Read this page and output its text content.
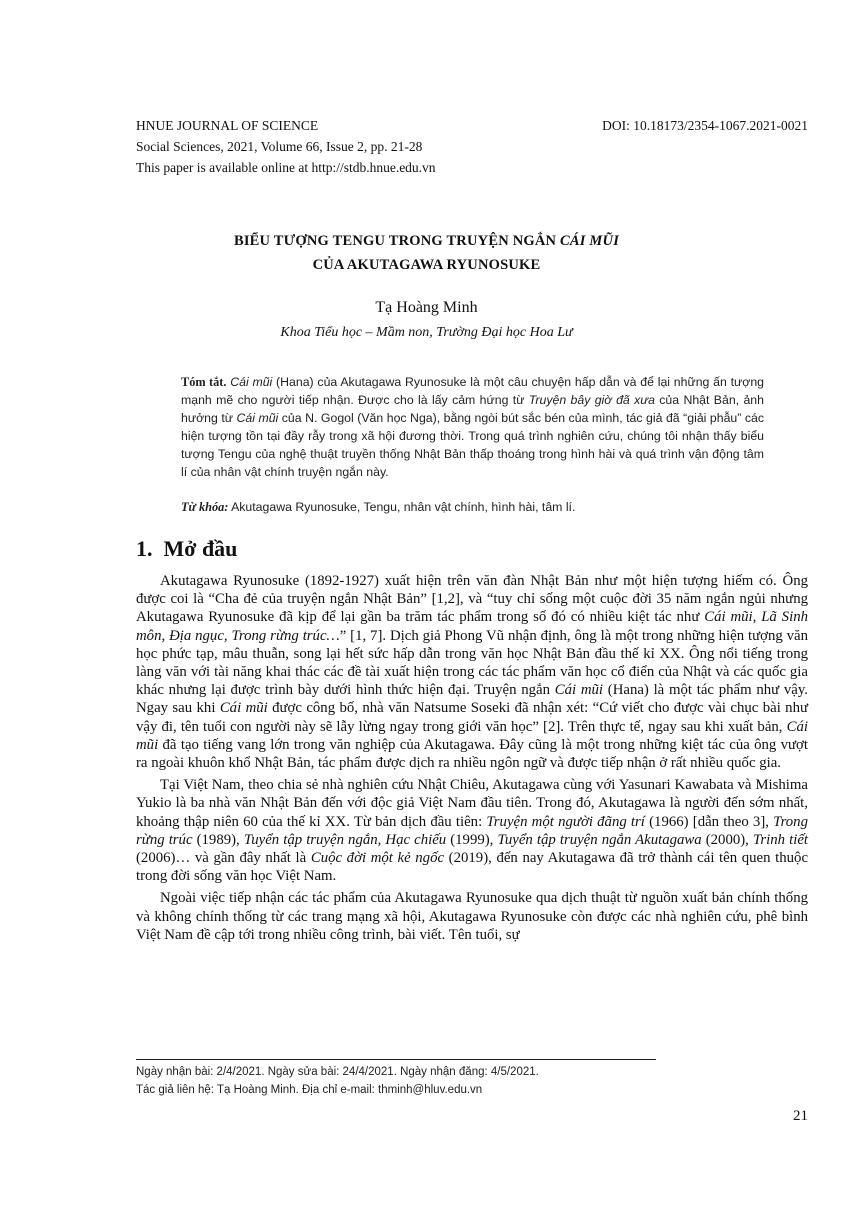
HNUE JOURNAL OF SCIENCE	DOI: 10.18173/2354-1067.2021-0021
Social Sciences, 2021, Volume 66, Issue 2, pp. 21-28
This paper is available online at http://stdb.hnue.edu.vn
BIỂU TƯỢNG TENGU TRONG TRUYỆN NGẮN CÁI MŨI
CỦA AKUTAGAWA RYUNOSUKE
Tạ Hoàng Minh
Khoa Tiểu học – Mầm non, Trường Đại học Hoa Lư
Tóm tắt. Cái mũi (Hana) của Akutagawa Ryunosuke là một câu chuyện hấp dẫn và để lại những ấn tượng mạnh mẽ cho người tiếp nhận. Được cho là lấy cảm hứng từ Truyện bây giờ đã xưa của Nhật Bản, ảnh hưởng từ Cái mũi của N. Gogol (Văn học Nga), bằng ngòi bút sắc bén của mình, tác giả đã “giải phẫu” các hiện tượng tồn tại đầy rẫy trong xã hội đương thời. Trong quá trình nghiên cứu, chúng tôi nhận thấy biểu tượng Tengu của nghệ thuật truyền thống Nhật Bản thấp thoáng trong hình hài và quá trình vận động tâm lí của nhân vật chính truyện ngắn này.
Từ khóa: Akutagawa Ryunosuke, Tengu, nhân vật chính, hình hài, tâm lí.
1. Mở đầu

Akutagawa Ryunosuke (1892-1927) xuất hiện trên văn đàn Nhật Bản như một hiện tượng hiếm có. Ông được coi là “Cha đẻ của truyện ngắn Nhật Bản” [1,2], và “tuy chỉ sống một cuộc đời 35 năm ngắn ngủi nhưng Akutagawa Ryunosuke đã kịp để lại gần ba trăm tác phẩm trong số đó có nhiều kiệt tác như Cái mũi, Lã Sinh môn, Địa ngục, Trong rừng trúc…” [1, 7]. Dịch giả Phong Vũ nhận định, ông là một trong những hiện tượng văn học phức tạp, mâu thuẫn, song lại hết sức hấp dẫn trong văn học Nhật Bản đầu thế kỉ XX. Ông nổi tiếng trong làng văn với tài năng khai thác các đề tài xuất hiện trong các tác phẩm văn học cổ điển của Nhật và các quốc gia khác nhưng lại được trình bày dưới hình thức hiện đại. Truyện ngắn Cái mũi (Hana) là một tác phẩm như vậy. Ngay sau khi Cái mũi được công bố, nhà văn Natsume Soseki đã nhận xét: “Cứ viết cho được vài chục bài như vậy đi, tên tuổi con người này sẽ lẫy lừng ngay trong giới văn học” [2]. Trên thực tế, ngay sau khi xuất bản, Cái mũi đã tạo tiếng vang lớn trong văn nghiệp của Akutagawa. Đây cũng là một trong những kiệt tác của ông vượt ra ngoài khuôn khổ Nhật Bản, tác phẩm được dịch ra nhiều ngôn ngữ và được tiếp nhận ở rất nhiều quốc gia.

Tại Việt Nam, theo chia sẻ nhà nghiên cứu Nhật Chiêu, Akutagawa cùng với Yasunari Kawabata và Mishima Yukio là ba nhà văn Nhật Bản đến với độc giả Việt Nam đầu tiên. Trong đó, Akutagawa là người đến sớm nhất, khoảng thập niên 60 của thế kỉ XX. Từ bản dịch đầu tiên: Truyện một người đãng trí (1966) [dẫn theo 3], Trong rừng trúc (1989), Tuyển tập truyện ngắn, Hạc chiếu (1999), Tuyển tập truyện ngắn Akutagawa (2000), Trinh tiết (2006)… và gần đây nhất là Cuộc đời một kẻ ngốc (2019), đến nay Akutagawa đã trở thành cái tên quen thuộc trong đời sống văn học Việt Nam.

Ngoài việc tiếp nhận các tác phẩm của Akutagawa Ryunosuke qua dịch thuật từ nguồn xuất bản chính thống và không chính thống từ các trang mạng xã hội, Akutagawa Ryunosuke còn được các nhà nghiên cứu, phê bình Việt Nam đề cập tới trong nhiều công trình, bài viết. Tên tuổi, sự

Ngày nhận bài: 2/4/2021. Ngày sửa bài: 24/4/2021. Ngày nhận đăng: 4/5/2021.
Tác giả liên hệ: Tạ Hoàng Minh. Địa chỉ e-mail: thminh@hluv.edu.vn
21
